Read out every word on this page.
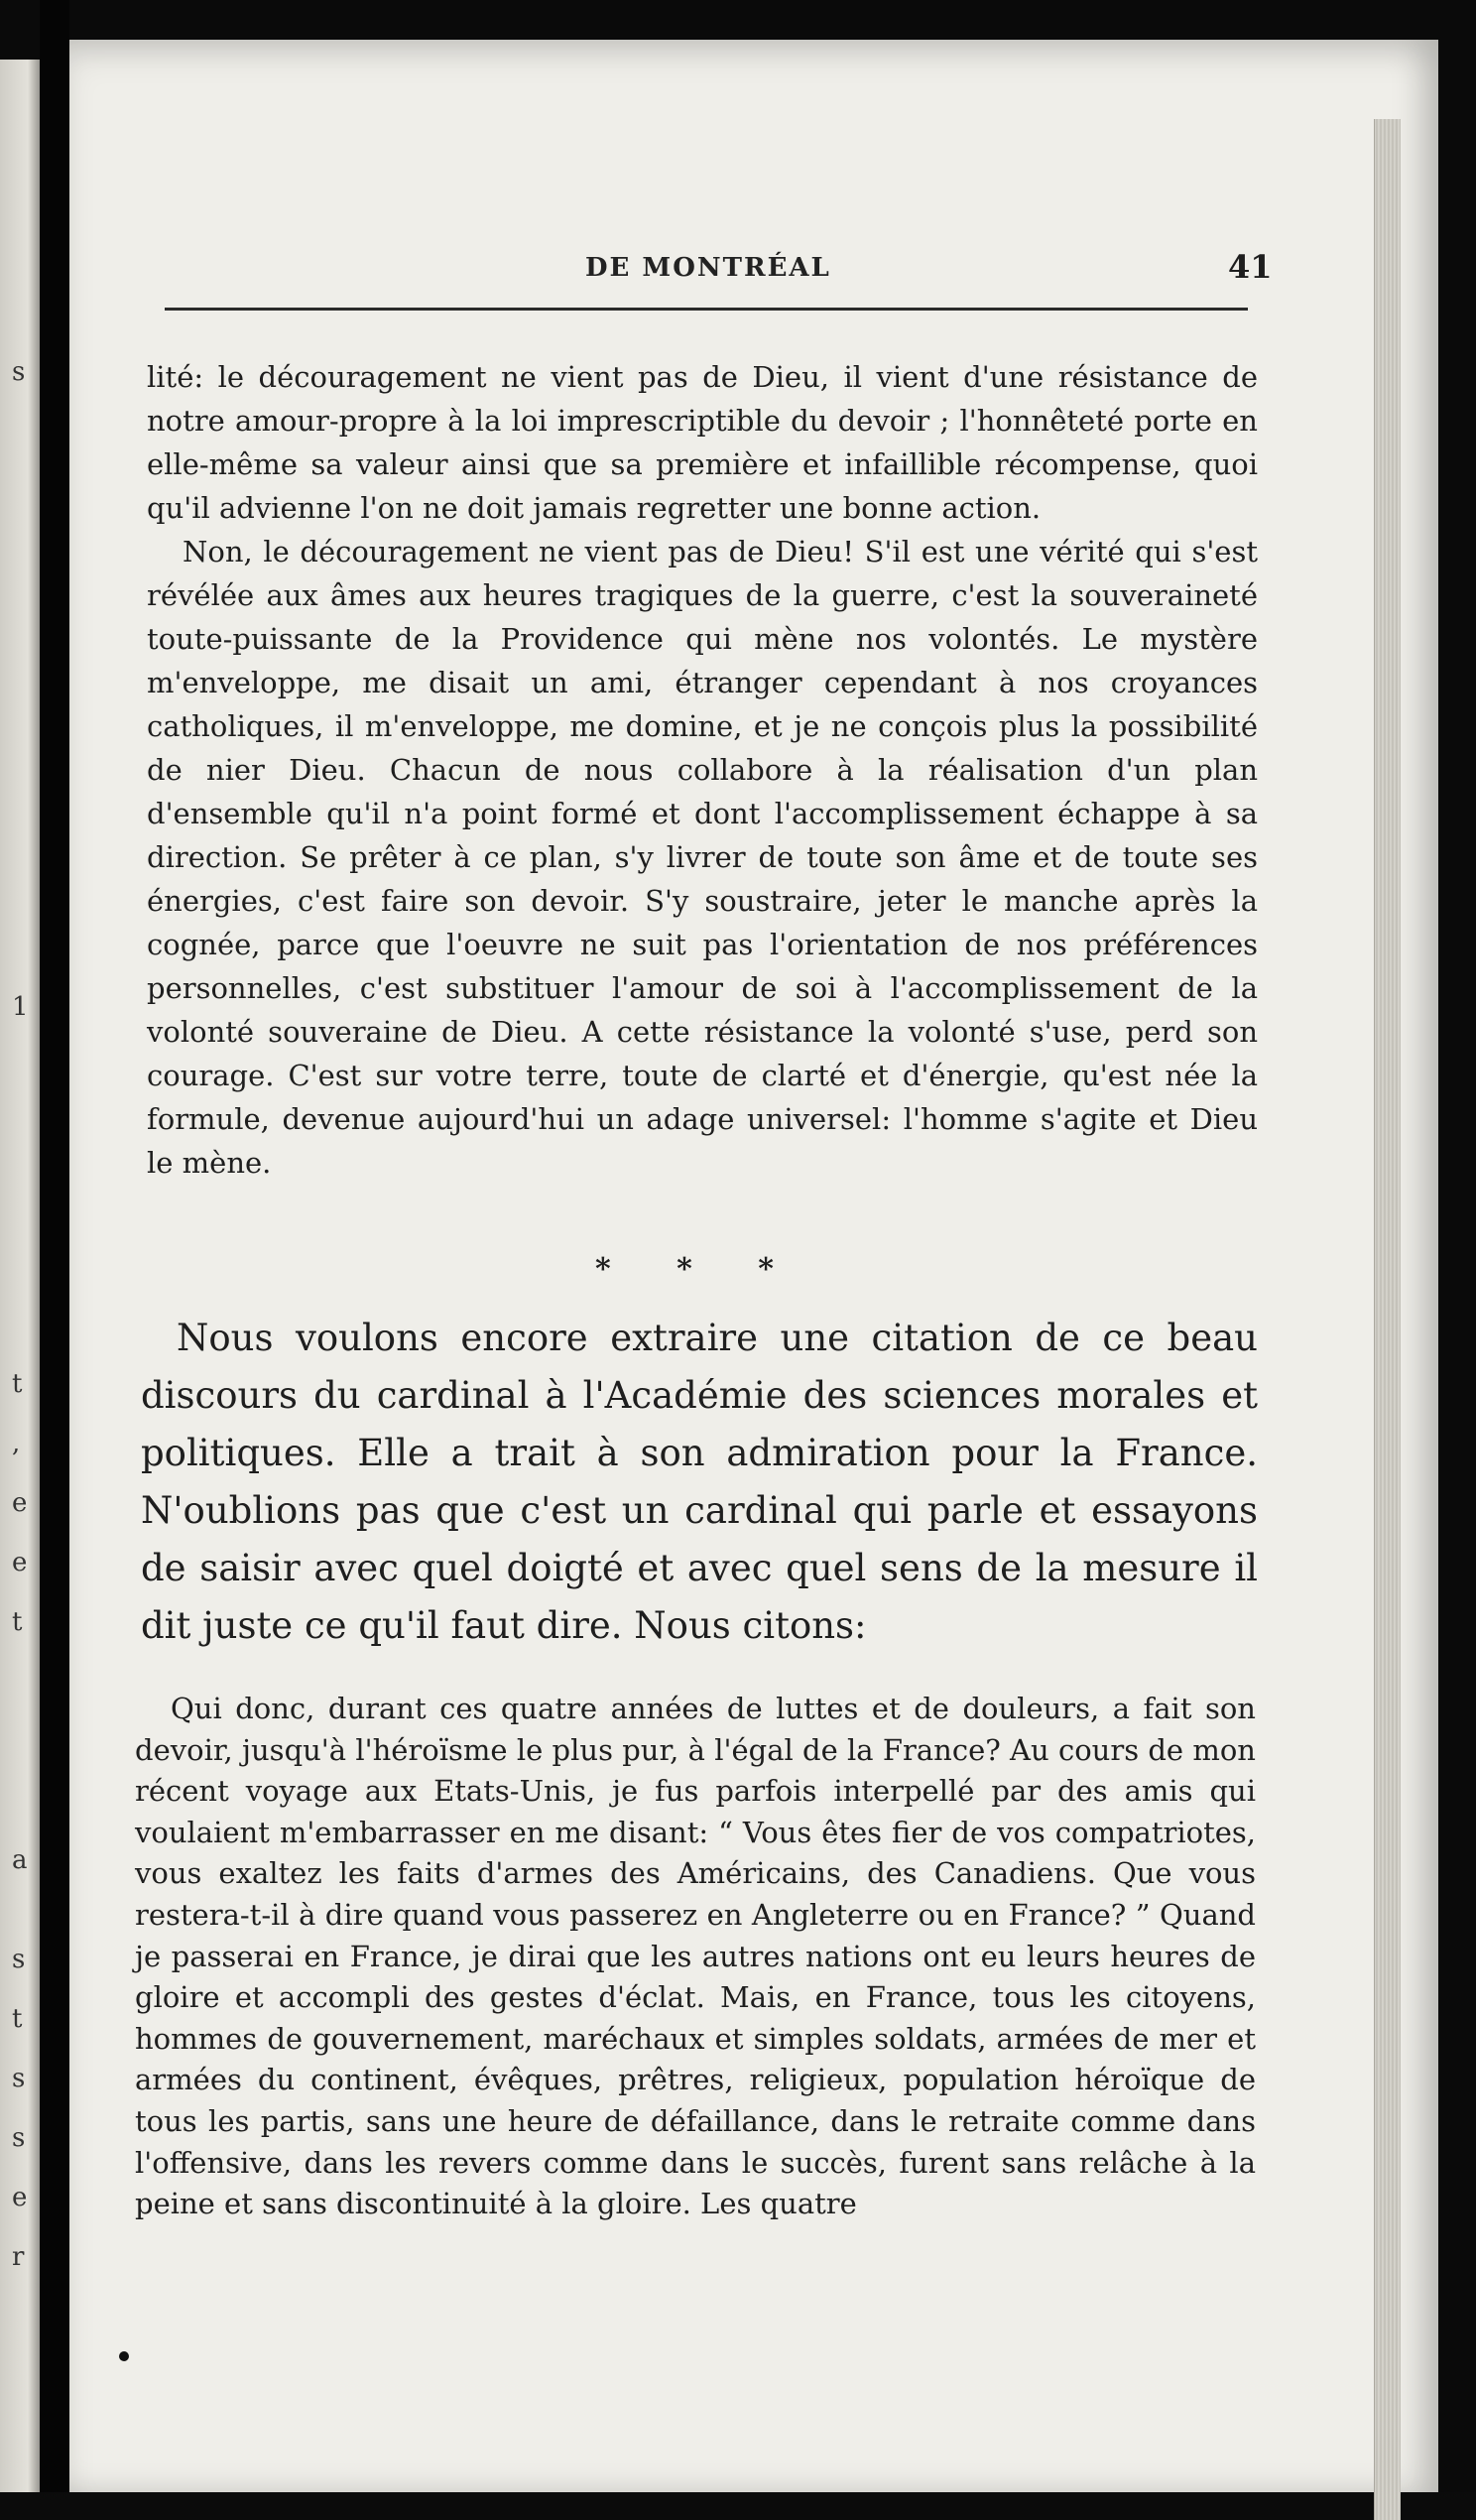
s
1
t
,
e
e
t
a
s
t
s
s
e
r
DE MONTRÉAL	41

lité: le découragement ne vient pas de Dieu, il vient d'une résistance de notre amour-propre à la loi imprescriptible du devoir ; l'honnêteté porte en elle-même sa valeur ainsi que sa première et infaillible récompense, quoi qu'il advienne l'on ne doit jamais regretter une bonne action.

Non, le découragement ne vient pas de Dieu! S'il est une vérité qui s'est révélée aux âmes aux heures tragiques de la guerre, c'est la souveraineté toute-puissante de la Providence qui mène nos volontés. Le mystère m'enveloppe, me disait un ami, étranger cependant à nos croyances catholiques, il m'enveloppe, me domine, et je ne conçois plus la possibilité de nier Dieu. Chacun de nous collabore à la réalisation d'un plan d'ensemble qu'il n'a point formé et dont l'accomplissement échappe à sa direction. Se prêter à ce plan, s'y livrer de toute son âme et de toute ses énergies, c'est faire son devoir. S'y soustraire, jeter le manche après la cognée, parce que l'oeuvre ne suit pas l'orientation de nos préférences personnelles, c'est substituer l'amour de soi à l'accomplissement de la volonté souveraine de Dieu. A cette résistance la volonté s'use, perd son courage. C'est sur votre terre, toute de clarté et d'énergie, qu'est née la formule, devenue aujourd'hui un adage universel: l'homme s'agite et Dieu le mène.

* * *

Nous voulons encore extraire une citation de ce beau discours du cardinal à l'Académie des sciences morales et politiques. Elle a trait à son admiration pour la France. N'oublions pas que c'est un cardinal qui parle et essayons de saisir avec quel doigté et avec quel sens de la mesure il dit juste ce qu'il faut dire. Nous citons:

Qui donc, durant ces quatre années de luttes et de douleurs, a fait son devoir, jusqu'à l'héroïsme le plus pur, à l'égal de la France? Au cours de mon récent voyage aux Etats-Unis, je fus parfois interpellé par des amis qui voulaient m'embarrasser en me disant: “ Vous êtes fier de vos compatriotes, vous exaltez les faits d'armes des Américains, des Canadiens. Que vous restera-t-il à dire quand vous passerez en Angleterre ou en France? ” Quand je passerai en France, je dirai que les autres nations ont eu leurs heures de gloire et accompli des gestes d'éclat. Mais, en France, tous les citoyens, hommes de gouvernement, maréchaux et simples soldats, armées de mer et armées du continent, évêques, prêtres, religieux, population héroïque de tous les partis, sans une heure de défaillance, dans le retraite comme dans l'offensive, dans les revers comme dans le succès, furent sans relâche à la peine et sans discontinuité à la gloire. Les quatre
